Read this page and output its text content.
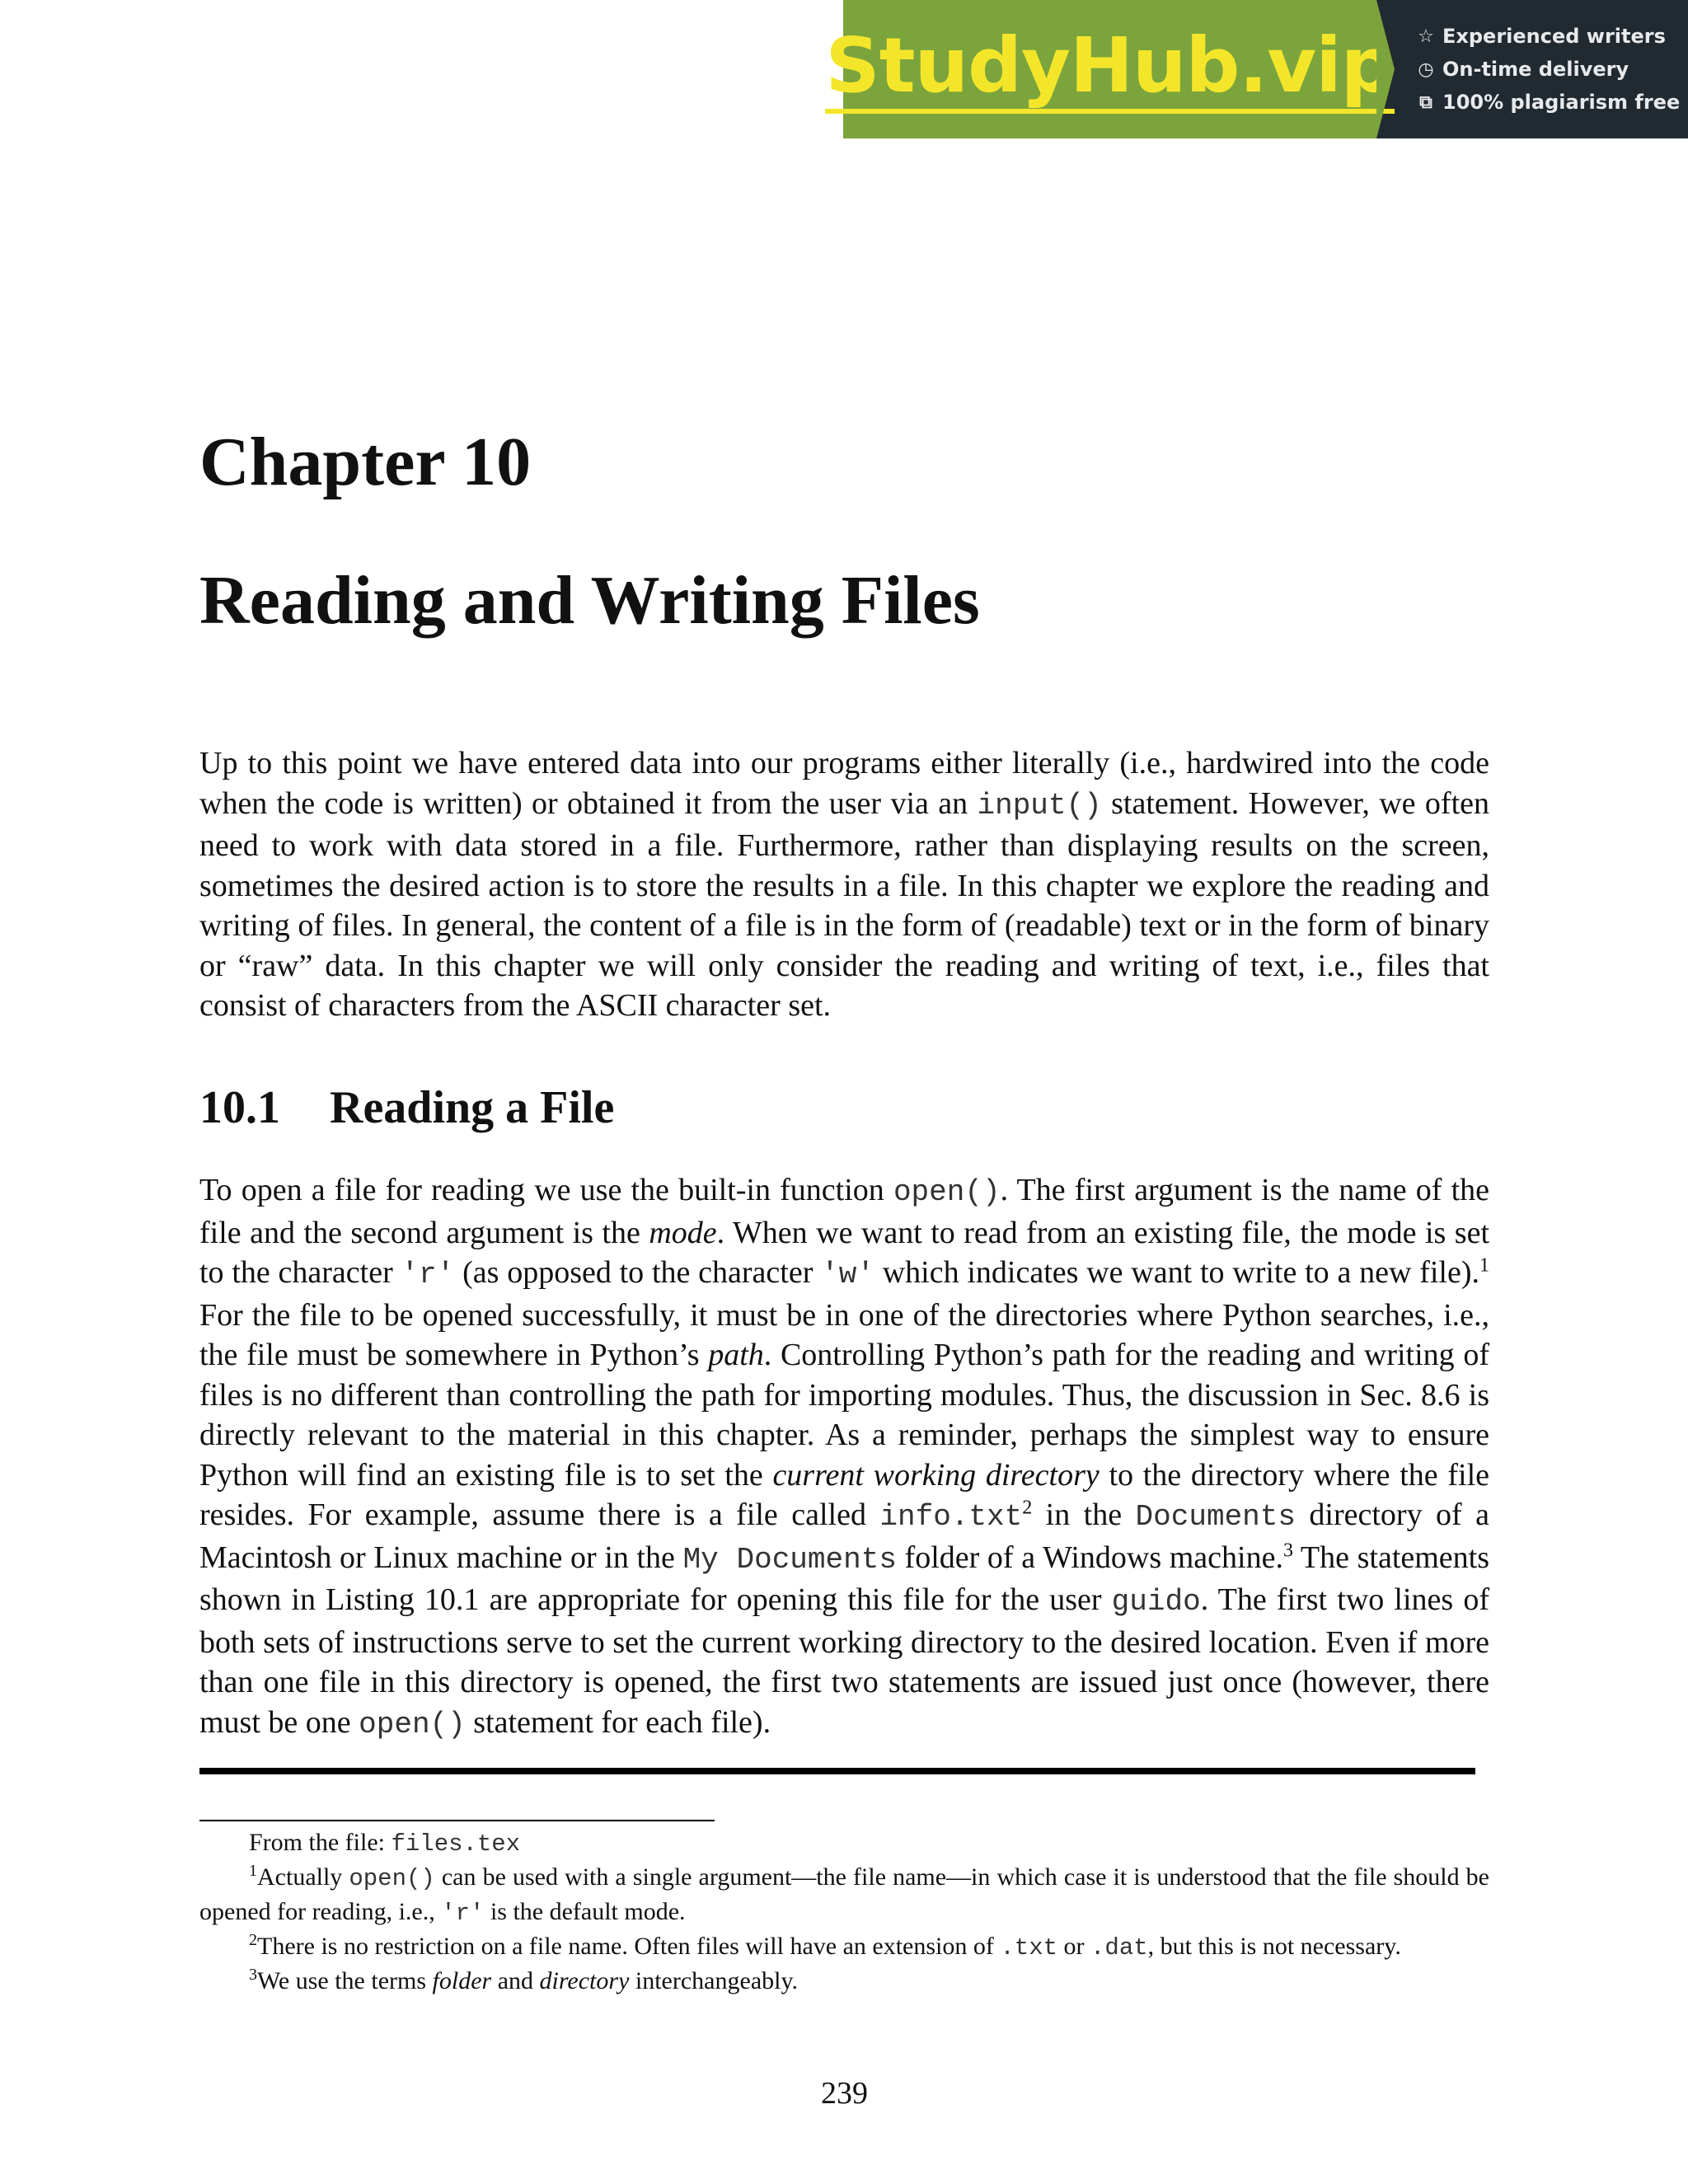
StudyHub.vip ☆ Experienced writers
◷ On-time delivery
⧉ 100% plagiarism free
Chapter 10
Reading and Writing Files

Up to this point we have entered data into our programs either literally (i.e., hardwired into the code when the code is written) or obtained it from the user via an input() statement. However, we often need to work with data stored in a file. Furthermore, rather than displaying results on the screen, sometimes the desired action is to store the results in a file. In this chapter we explore the reading and writing of files. In general, the content of a file is in the form of (readable) text or in the form of binary or “raw” data. In this chapter we will only consider the reading and writing of text, i.e., files that consist of characters from the ASCII character set.

10.1 Reading a File

To open a file for reading we use the built-in function open(). The first argument is the name of the file and the second argument is the mode. When we want to read from an existing file, the mode is set to the character 'r' (as opposed to the character 'w' which indicates we want to write to a new file).$^1$ For the file to be opened successfully, it must be in one of the directories where Python searches, i.e., the file must be somewhere in Python’s path. Controlling Python’s path for the reading and writing of files is no different than controlling the path for importing modules. Thus, the discussion in Sec. 8.6 is directly relevant to the material in this chapter. As a reminder, perhaps the simplest way to ensure Python will find an existing file is to set the current working directory to the directory where the file resides. For example, assume there is a file called info.txt$^2$ in the Documents directory of a Macintosh or Linux machine or in the My Documents folder of a Windows machine.$^3$ The statements shown in Listing 10.1 are appropriate for opening this file for the user guido. The first two lines of both sets of instructions serve to set the current working directory to the desired location. Even if more than one file in this directory is opened, the first two statements are issued just once (however, there must be one open() statement for each file).

From the file: files.tex

$^1$Actually open() can be used with a single argument—the file name—in which case it is understood that the file should be opened for reading, i.e., 'r' is the default mode.

$^2$There is no restriction on a file name. Often files will have an extension of .txt or .dat, but this is not necessary.

$^3$We use the terms folder and directory interchangeably.

239
